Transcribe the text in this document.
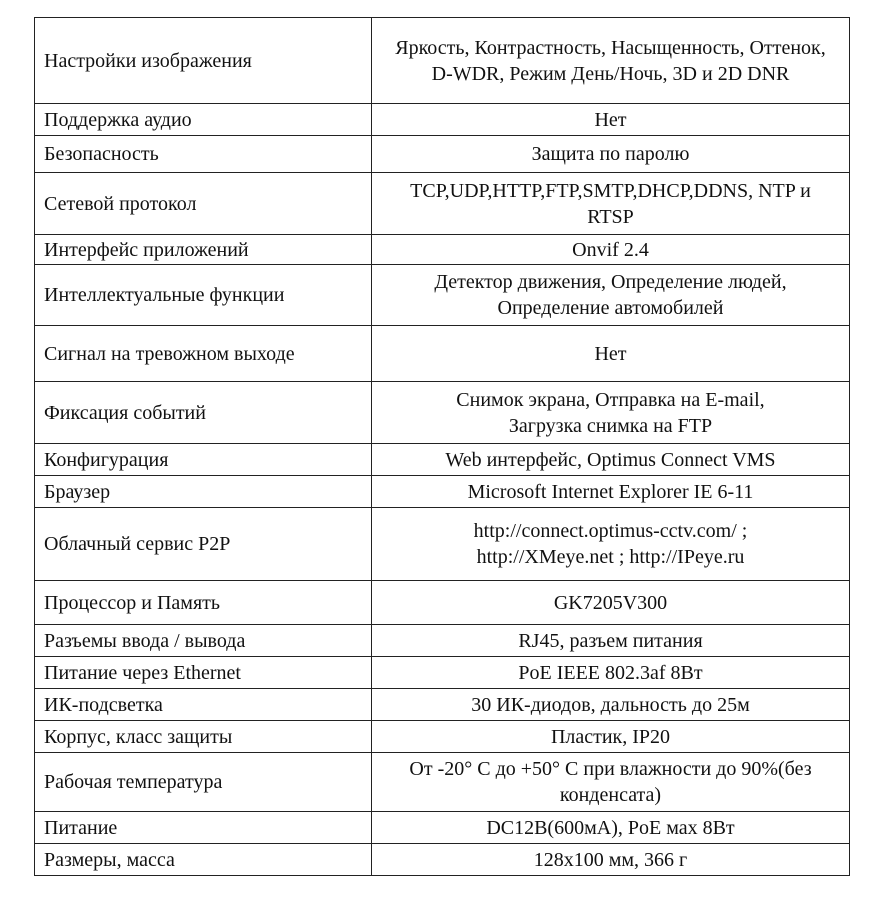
Настройки изображения	Яркость, Контрастность, Насыщенность, Оттенок, D-WDR, Режим День/Ночь, 3D и 2D DNR
Поддержка аудио	Нет
Безопасность	Защита по паролю
Сетевой протокол	TCP,UDP,HTTP,FTP,SMTP,DHCP,DDNS, NTP и RTSP
Интерфейс приложений	Onvif 2.4
Интеллектуальные функции	Детектор движения, Определение людей, Определение автомобилей
Сигнал на тревожном выходе	Нет
Фиксация событий	Снимок экрана, Отправка на E-mail, Загрузка снимка на FTP
Конфигурация	Web интерфейс, Optimus Connect VMS
Браузер	Microsoft Internet Explorer IE 6-11
Облачный сервис P2P	http://connect.optimus-cctv.com/ ; http://XMeye.net ; http://IPeye.ru
Процессор и Память	GK7205V300
Разъемы ввода / вывода	RJ45, разъем питания
Питание через Ethernet	PoE IEEE 802.3af 8Вт
ИК-подсветка	30 ИК-диодов, дальность до 25м
Корпус, класс защиты	Пластик, IP20
Рабочая температура	От -20° С до +50° С при влажности до 90%(без конденсата)
Питание	DC12В(600мА), PoE мах 8Вт
Размеры, масса	128х100 мм, 366 г
